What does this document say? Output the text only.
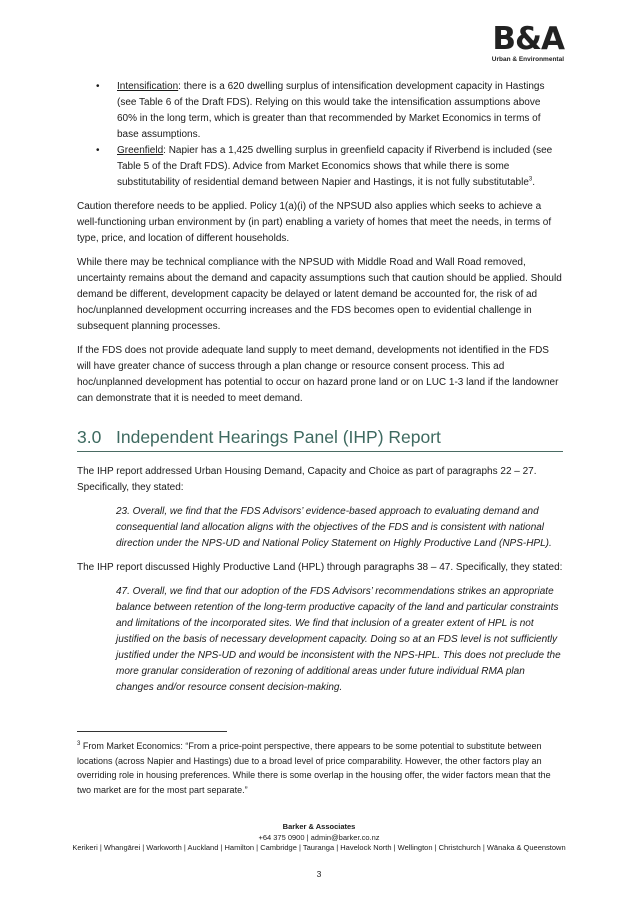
B&A
Urban & Environmental
• Intensification: there is a 620 dwelling surplus of intensification development capacity in Hastings (see Table 6 of the Draft FDS). Relying on this would take the intensification assumptions above 60% in the long term, which is greater than that recommended by Market Economics in terms of base assumptions.
• Greenfield: Napier has a 1,425 dwelling surplus in greenfield capacity if Riverbend is included (see Table 5 of the Draft FDS). Advice from Market Economics shows that while there is some substitutability of residential demand between Napier and Hastings, it is not fully substitutable$^3$.

Caution therefore needs to be applied. Policy 1(a)(i) of the NPSUD also applies which seeks to achieve a well-functioning urban environment by (in part) enabling a variety of homes that meet the needs, in terms of type, price, and location of different households.

While there may be technical compliance with the NPSUD with Middle Road and Wall Road removed, uncertainty remains about the demand and capacity assumptions such that caution should be applied. Should demand be different, development capacity be delayed or latent demand be accounted for, the risk of ad hoc/unplanned development occurring increases and the FDS becomes open to evidential challenge in subsequent planning processes.

If the FDS does not provide adequate land supply to meet demand, developments not identified in the FDS will have greater chance of success through a plan change or resource consent process. This ad hoc/unplanned development has potential to occur on hazard prone land or on LUC 1-3 land if the landowner can demonstrate that it is needed to meet demand.

3.0 Independent Hearings Panel (IHP) Report

The IHP report addressed Urban Housing Demand, Capacity and Choice as part of paragraphs 22 – 27. Specifically, they stated:

23. Overall, we find that the FDS Advisors’ evidence-based approach to evaluating demand and consequential land allocation aligns with the objectives of the FDS and is consistent with national direction under the NPS-UD and National Policy Statement on Highly Productive Land (NPS-HPL).

The IHP report discussed Highly Productive Land (HPL) through paragraphs 38 – 47. Specifically, they stated:

47. Overall, we find that our adoption of the FDS Advisors’ recommendations strikes an appropriate balance between retention of the long-term productive capacity of the land and particular constraints and limitations of the incorporated sites. We find that inclusion of a greater extent of HPL is not justified on the basis of necessary development capacity. Doing so at an FDS level is not sufficiently justified under the NPS-UD and would be inconsistent with the NPS-HPL. This does not preclude the more granular consideration of rezoning of additional areas under future individual RMA plan changes and/or resource consent decision-making.

$^3$ From Market Economics: “From a price-point perspective, there appears to be some potential to substitute between locations (across Napier and Hastings) due to a broad level of price comparability. However, the other factors play an overriding role in housing preferences. While there is some overlap in the housing offer, the wider factors mean that the two market are for the most part separate.”
Barker & Associates
+64 375 0900 | admin@barker.co.nz
Kerikeri | Whangārei | Warkworth | Auckland | Hamilton | Cambridge | Tauranga | Havelock North | Wellington | Christchurch | Wānaka & Queenstown
3
